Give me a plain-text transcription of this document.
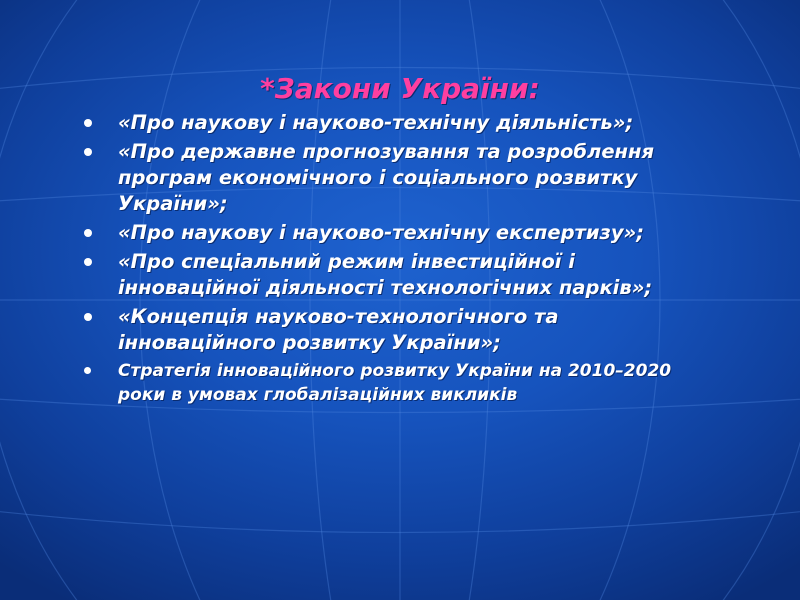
*Закони України:
«Про наукову і науково-технічну діяльність»;
«Про державне прогнозування та розроблення програм економічного і соціального розвитку України»;
«Про наукову і науково-технічну експертизу»;
«Про спеціальний режим інвестиційної і інноваційної діяльності технологічних парків»;
«Концепція науково-технологічного та інноваційного розвитку України»;
Стратегія інноваційного розвитку України на 2010–2020 роки в умовах глобалізаційних викликів
